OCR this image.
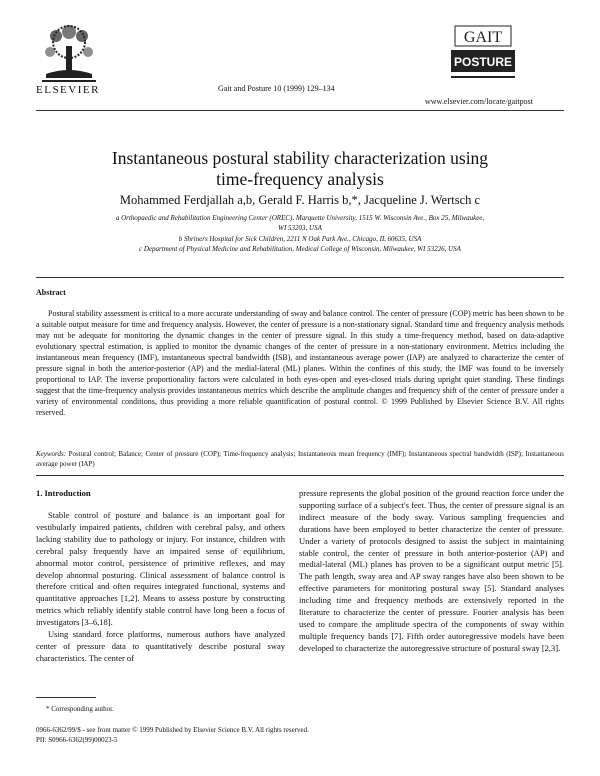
ELSEVIER	Gait and Posture 10 (1999) 129–134
GAIT
POSTURE
www.elsevier.com/locate/gaitpost
Instantaneous postural stability characterization using
time-frequency analysis
Mohammed Ferdjallah a,b, Gerald F. Harris b,*, Jacqueline J. Wertsch c
a Orthopaedic and Rehabilitation Engineering Center (OREC), Marquette University, 1515 W. Wisconsin Ave., Box 25, Milwaukee,
WI 53203, USA
b Shriners Hospital for Sick Children, 2211 N Oak Park Ave., Chicago, IL 60635, USA
c Department of Physical Medicine and Rehabilitation, Medical College of Wisconsin, Milwaukee, WI 53226, USA
Abstract
Postural stability assessment is critical to a more accurate understanding of sway and balance control. The center of pressure (COP) metric has been shown to be a suitable output measure for time and frequency analysis. However, the center of pressure is a non-stationary signal. Standard time and frequency analysis methods may not be adequate for monitoring the dynamic changes in the center of pressure signal. In this study a time-frequency method, based on data-adaptive evolutionary spectral estimation, is applied to monitor the dynamic changes of the center of pressure in a non-stationary environment. Metrics including the instantaneous mean frequency (IMF), instantaneous spectral bandwidth (ISB), and instantaneous average power (IAP) are analyzed to characterize the center of pressure signal in both the anterior-posterior (AP) and the medial-lateral (ML) planes. Within the confines of this study, the IMF was found to be inversely proportional to IAP. The inverse proportionality factors were calculated in both eyes-open and eyes-closed trials during upright quiet standing. These findings suggest that the time-frequency analysis provides instantaneous metrics which describe the amplitude changes and frequency shift of the center of pressure under a variety of environmental conditions, thus providing a more reliable quantification of postural control. © 1999 Published by Elsevier Science B.V. All rights reserved.
Keywords: Postural control; Balance; Center of pressure (COP); Time-frequency analysis; Instantaneous mean frequency (IMF); Instantaneous spectral bandwidth (ISP); Instantaneous average power (IAP)
1. Introduction

Stable control of posture and balance is an important goal for vestibularly impaired patients, children with cerebral palsy, and others lacking stability due to pathology or injury. For instance, children with cerebral palsy frequently have an impaired sense of equilibrium, abnormal motor control, persistence of primitive reflexes, and may develop abnormal posturing. Clinical assessment of balance control is therefore critical and often requires integrated functional, systems and quantitative approaches [1,2]. Means to assess posture by constructing metrics which reliably identify stable control have long been a focus of investigators [3–6,18].

Using standard force platforms, numerous authors have analyzed center of pressure data to quantitatively describe postural sway characteristics. The center of

pressure represents the global position of the ground reaction force under the supporting surface of a subject's feet. Thus, the center of pressure signal is an indirect measure of the body sway. Various sampling frequencies and durations have been employed to better characterize the center of pressure. Under a variety of protocols designed to assist the subject in maintaining stable control, the center of pressure in both anterior-posterior (AP) and medial-lateral (ML) planes has proven to be a significant output metric [5]. The path length, sway area and AP sway ranges have also been shown to be effective parameters for monitoring postural sway [5]. Standard analyses including time and frequency methods are extensively reported in the literature to characterize the center of pressure. Fourier analysis has been used to compare the amplitude spectra of the components of sway within multiple frequency bands [7]. Fifth order autoregressive models have been developed to characterize the autoregressive structure of postural sway [2,3].

* Corresponding author.
0966-6362/99/$ - see front matter © 1999 Published by Elsevier Science B.V. All rights reserved.
PII: S0966-6362(99)00023-5
